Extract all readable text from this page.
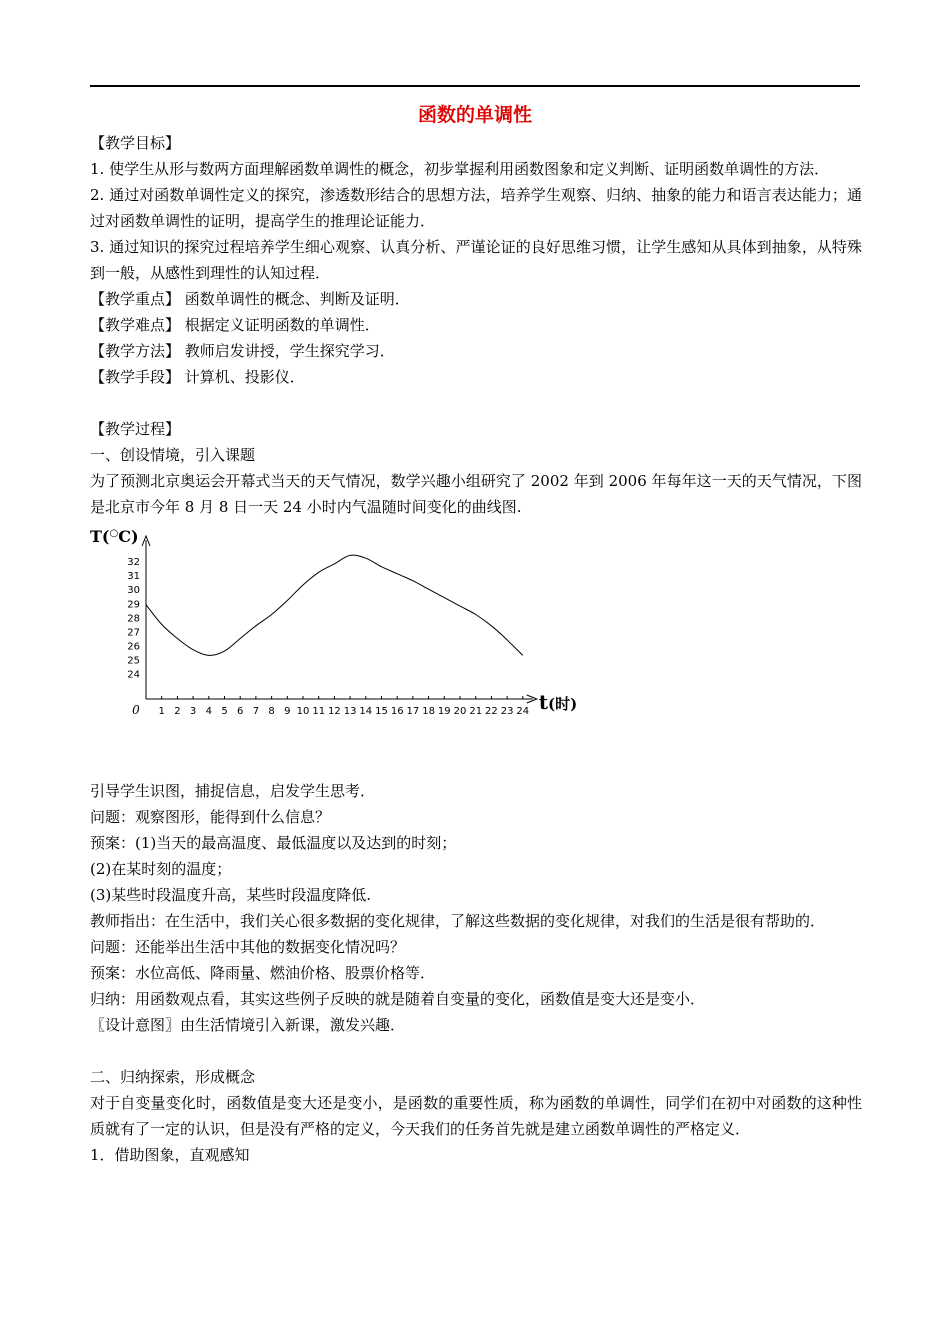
函数的单调性

【教学目标】

1. 使学生从形与数两方面理解函数单调性的概念，初步掌握利用函数图象和定义判断、证明函数单调性的方法．

2. 通过对函数单调性定义的探究，渗透数形结合的思想方法，培养学生观察、归纳、抽象的能力和语言表达能力；通过对函数单调性的证明，提高学生的推理论证能力．

3. 通过知识的探究过程培养学生细心观察、认真分析、严谨论证的良好思维习惯，让学生感知从具体到抽象，从特殊到一般，从感性到理性的认知过程．

【教学重点】 函数单调性的概念、判断及证明．

【教学难点】 根据定义证明函数的单调性．

【教学方法】 教师启发讲授，学生探究学习．

【教学手段】 计算机、投影仪．

【教学过程】

一、创设情境，引入课题

为了预测北京奥运会开幕式当天的天气情况，数学兴趣小组研究了 2002 年到 2006 年每年这一天的天气情况，下图是北京市今年 8 月 8 日一天 24 小时内气温随时间变化的曲线图.

1 2 3 4 5 6 7 8 9 10 11 12 13 14 15 16 17 18 19 20 21 22 23 24
24
25
26
27
28
29
30
31
32
0
T(○C)
t(时)

引导学生识图，捕捉信息，启发学生思考．

问题：观察图形，能得到什么信息？

预案：(1)当天的最高温度、最低温度以及达到的时刻；

(2)在某时刻的温度；

(3)某些时段温度升高，某些时段温度降低.

教师指出：在生活中，我们关心很多数据的变化规律，了解这些数据的变化规律，对我们的生活是很有帮助的．

问题：还能举出生活中其他的数据变化情况吗？

预案：水位高低、降雨量、燃油价格、股票价格等．

归纳：用函数观点看，其实这些例子反映的就是随着自变量的变化，函数值是变大还是变小．

〖设计意图〗由生活情境引入新课，激发兴趣．

二、归纳探索，形成概念

对于自变量变化时，函数值是变大还是变小，是函数的重要性质，称为函数的单调性，同学们在初中对函数的这种性质就有了一定的认识，但是没有严格的定义，今天我们的任务首先就是建立函数单调性的严格定义．

1．借助图象，直观感知
